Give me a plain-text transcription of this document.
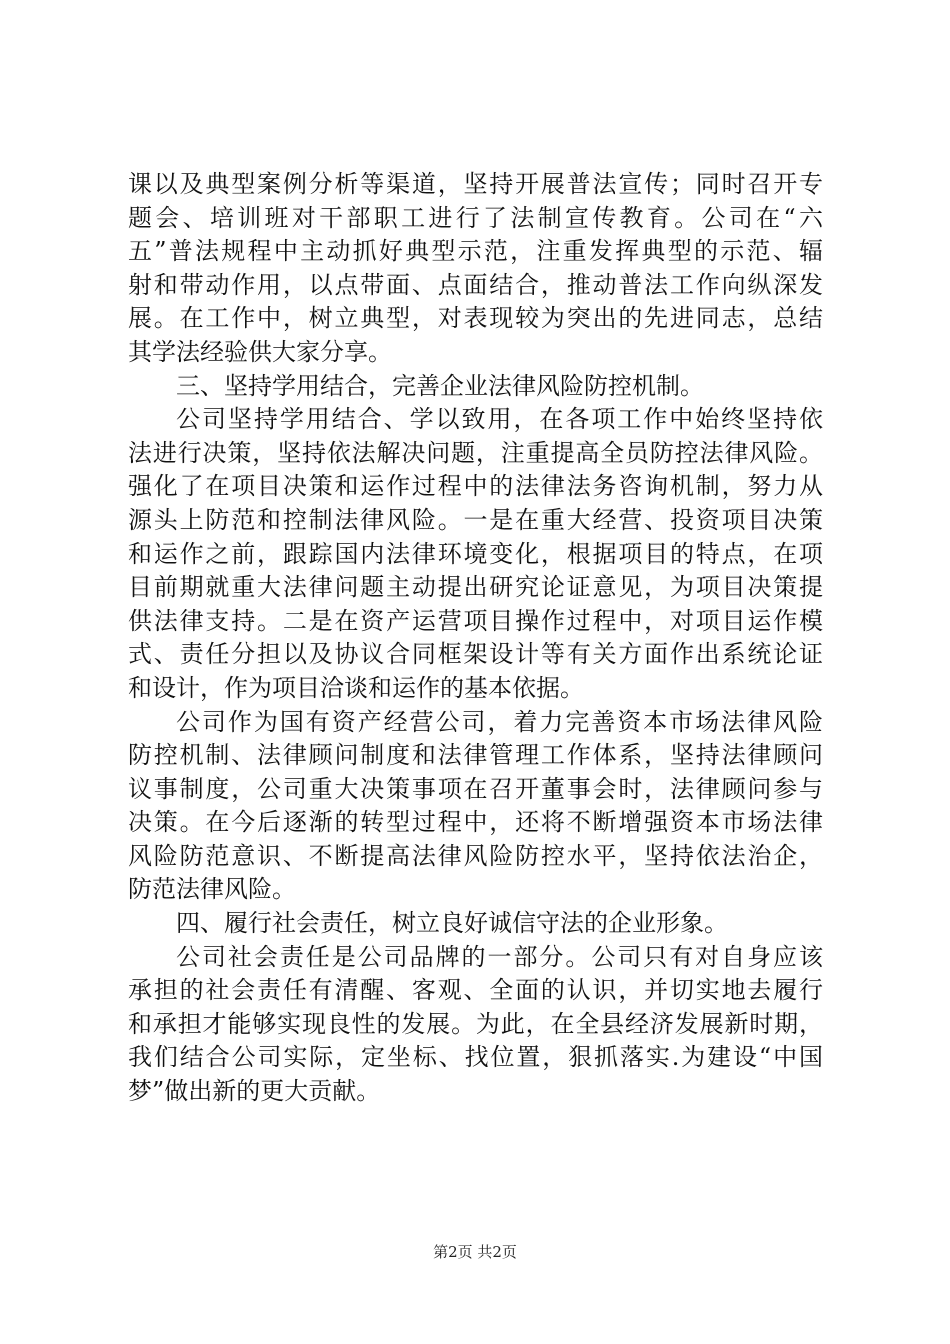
课以及典型案例分析等渠道，坚持开展普法宣传；同时召开专
题会、培训班对干部职工进行了法制宣传教育。公司在“六
五”普法规程中主动抓好典型示范，注重发挥典型的示范、辐
射和带动作用，以点带面、点面结合，推动普法工作向纵深发
展。在工作中，树立典型，对表现较为突出的先进同志，总结
其学法经验供大家分享。
三、坚持学用结合，完善企业法律风险防控机制。
公司坚持学用结合、学以致用，在各项工作中始终坚持依
法进行决策，坚持依法解决问题，注重提高全员防控法律风险。
强化了在项目决策和运作过程中的法律法务咨询机制，努力从
源头上防范和控制法律风险。一是在重大经营、投资项目决策
和运作之前，跟踪国内法律环境变化，根据项目的特点，在项
目前期就重大法律问题主动提出研究论证意见，为项目决策提
供法律支持。二是在资产运营项目操作过程中，对项目运作模
式、责任分担以及协议合同框架设计等有关方面作出系统论证
和设计，作为项目洽谈和运作的基本依据。
公司作为国有资产经营公司，着力完善资本市场法律风险
防控机制、法律顾问制度和法律管理工作体系，坚持法律顾问
议事制度，公司重大决策事项在召开董事会时，法律顾问参与
决策。在今后逐渐的转型过程中，还将不断增强资本市场法律
风险防范意识、不断提高法律风险防控水平，坚持依法治企，
防范法律风险。
四、履行社会责任，树立良好诚信守法的企业形象。
公司社会责任是公司品牌的一部分。公司只有对自身应该
承担的社会责任有清醒、客观、全面的认识，并切实地去履行
和承担才能够实现良性的发展。为此，在全县经济发展新时期，
我们结合公司实际，定坐标、找位置，狠抓落实.为建设“中国
梦”做出新的更大贡献。
第2页 共2页
